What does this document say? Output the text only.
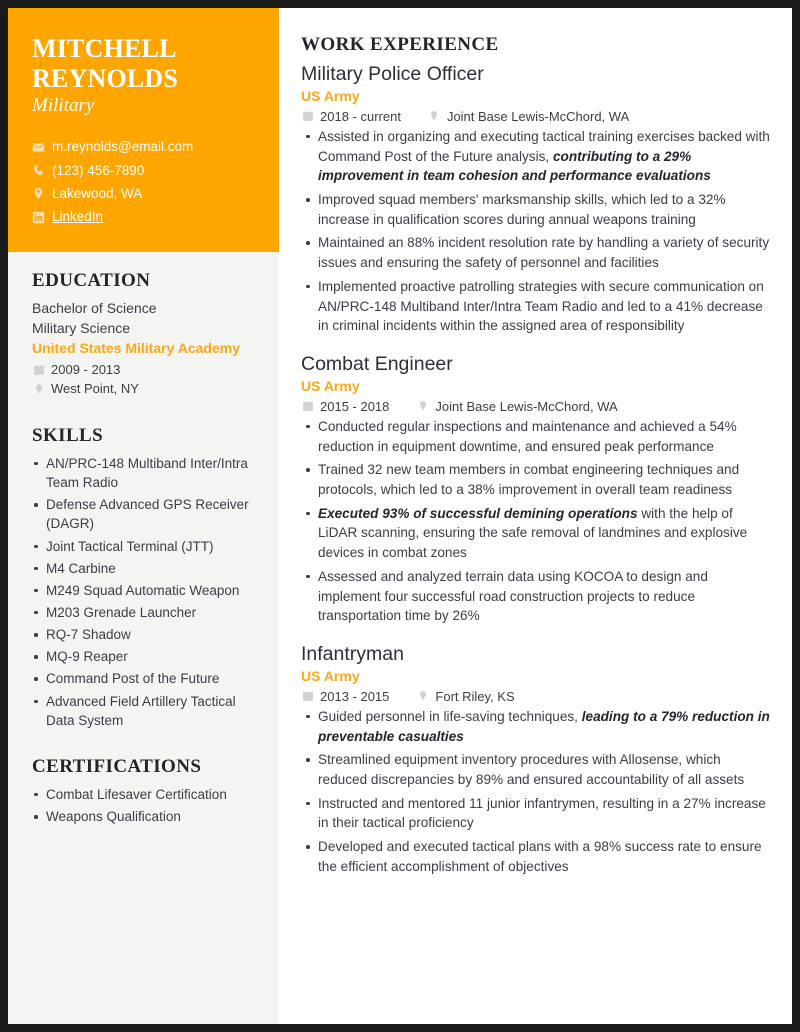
MITCHELL
REYNOLDS
Military
m.reynolds@email.com
(123) 456-7890
Lakewood, WA
LinkedIn
EDUCATION
Bachelor of Science
Military Science
United States Military Academy
2009 - 2013
West Point, NY
SKILLS
AN/PRC-148 Multiband Inter/Intra Team Radio
Defense Advanced GPS Receiver (DAGR)
Joint Tactical Terminal (JTT)
M4 Carbine
M249 Squad Automatic Weapon
M203 Grenade Launcher
RQ-7 Shadow
MQ-9 Reaper
Command Post of the Future
Advanced Field Artillery Tactical Data System
CERTIFICATIONS
Combat Lifesaver Certification
Weapons Qualification
WORK EXPERIENCE
Military Police Officer
US Army
2018 - current	Joint Base Lewis-McChord, WA
Assisted in organizing and executing tactical training exercises backed with Command Post of the Future analysis, contributing to a 29% improvement in team cohesion and performance evaluations
Improved squad members' marksmanship skills, which led to a 32% increase in qualification scores during annual weapons training
Maintained an 88% incident resolution rate by handling a variety of security issues and ensuring the safety of personnel and facilities
Implemented proactive patrolling strategies with secure communication on AN/PRC-148 Multiband Inter/Intra Team Radio and led to a 41% decrease in criminal incidents within the assigned area of responsibility
Combat Engineer
US Army
2015 - 2018	Joint Base Lewis-McChord, WA
Conducted regular inspections and maintenance and achieved a 54% reduction in equipment downtime, and ensured peak performance
Trained 32 new team members in combat engineering techniques and protocols, which led to a 38% improvement in overall team readiness
Executed 93% of successful demining operations with the help of LiDAR scanning, ensuring the safe removal of landmines and explosive devices in combat zones
Assessed and analyzed terrain data using KOCOA to design and implement four successful road construction projects to reduce transportation time by 26%
Infantryman
US Army
2013 - 2015	Fort Riley, KS
Guided personnel in life-saving techniques, leading to a 79% reduction in preventable casualties
Streamlined equipment inventory procedures with Allosense, which reduced discrepancies by 89% and ensured accountability of all assets
Instructed and mentored 11 junior infantrymen, resulting in a 27% increase in their tactical proficiency
Developed and executed tactical plans with a 98% success rate to ensure the efficient accomplishment of objectives
